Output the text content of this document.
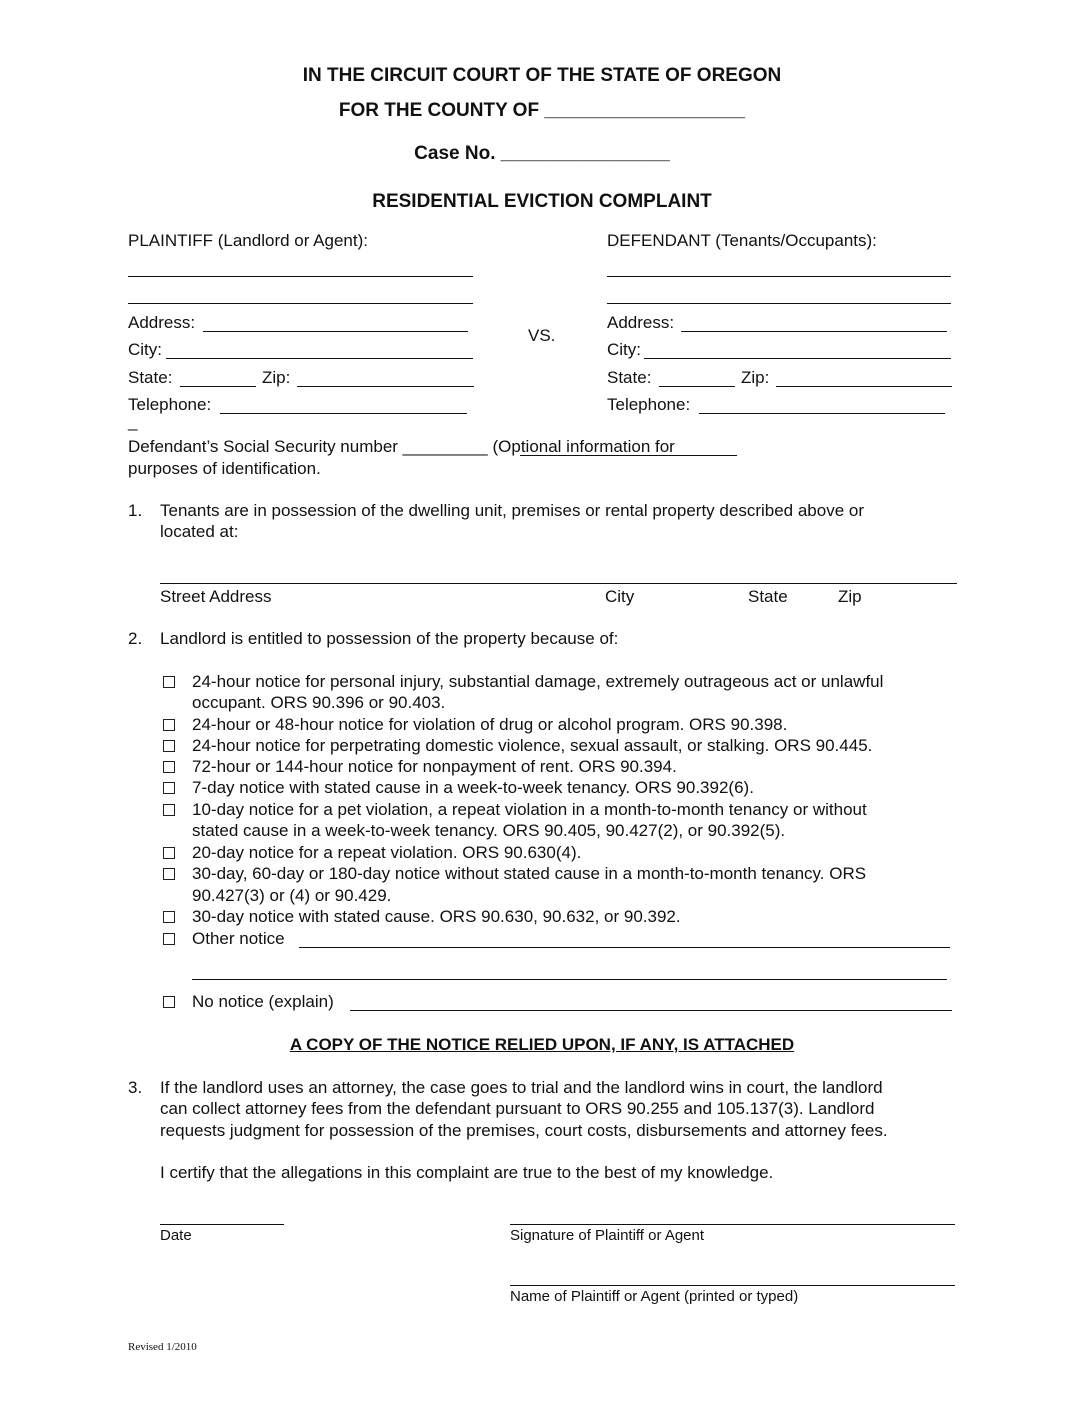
IN THE CIRCUIT COURT OF THE STATE OF OREGON
FOR THE COUNTY OF ___________________
Case No. ________________
RESIDENTIAL EVICTION COMPLAINT
PLAINTIFF (Landlord or Agent):
Address:
City:
State:	Zip:
Telephone:
_
VS.
DEFENDANT (Tenants/Occupants):
Address:
City:
State:	Zip:
Telephone:
Defendant’s Social Security number _________ (Optional information for
purposes of identification.
1. Tenants are in possession of the dwelling unit, premises or rental property described above or
located at:
Street Address	City	State	Zip
2. Landlord is entitled to possession of the property because of:
24-hour notice for personal injury, substantial damage, extremely outrageous act or unlawful
occupant. ORS 90.396 or 90.403.
24-hour or 48-hour notice for violation of drug or alcohol program. ORS 90.398.
24-hour notice for perpetrating domestic violence, sexual assault, or stalking. ORS 90.445.
72-hour or 144-hour notice for nonpayment of rent. ORS 90.394.
7-day notice with stated cause in a week-to-week tenancy. ORS 90.392(6).
10-day notice for a pet violation, a repeat violation in a month-to-month tenancy or without
stated cause in a week-to-week tenancy. ORS 90.405, 90.427(2), or 90.392(5).
20-day notice for a repeat violation. ORS 90.630(4).
30-day, 60-day or 180-day notice without stated cause in a month-to-month tenancy. ORS
90.427(3) or (4) or 90.429.
30-day notice with stated cause. ORS 90.630, 90.632, or 90.392.
Other notice
No notice (explain)
A COPY OF THE NOTICE RELIED UPON, IF ANY, IS ATTACHED
3. If the landlord uses an attorney, the case goes to trial and the landlord wins in court, the landlord
can collect attorney fees from the defendant pursuant to ORS 90.255 and 105.137(3). Landlord
requests judgment for possession of the premises, court costs, disbursements and attorney fees.
I certify that the allegations in this complaint are true to the best of my knowledge.
Date	Signature of Plaintiff or Agent
Name of Plaintiff or Agent (printed or typed)
Revised 1/2010
